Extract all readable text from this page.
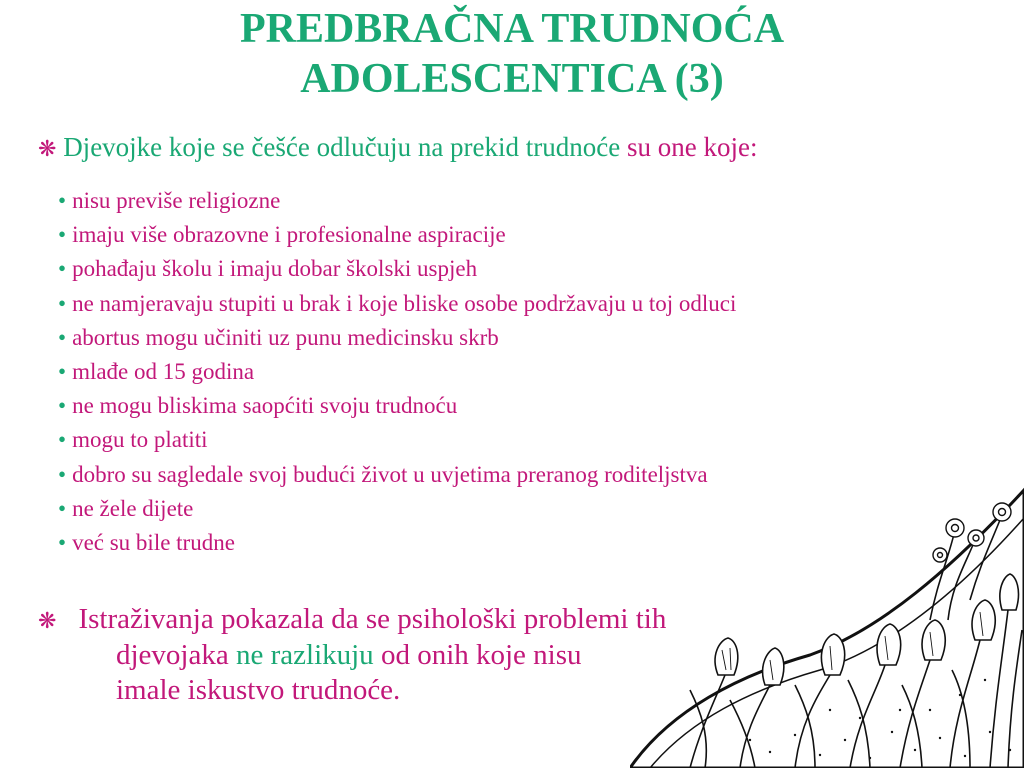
PREDBRAČNA TRUDNOĆA
ADOLESCENTICA (3)
❋ Djevojke koje se češće odlučuju na prekid trudnoće su one koje:
• nisu previše religiozne
• imaju više obrazovne i profesionalne aspiracije
• pohađaju školu i imaju dobar školski uspjeh
• ne namjeravaju stupiti u brak i koje bliske osobe podržavaju u toj odluci
• abortus mogu učiniti uz punu medicinsku skrb
• mlađe od 15 godina
• ne mogu bliskima saopćiti svoju trudnoću
• mogu to platiti
• dobro su sagledale svoj budući život u uvjetima preranog roditeljstva
• ne žele dijete
• već su bile trudne
❋ Istraživanja pokazala da se psihološki problemi tih
djevojaka ne razlikuju od onih koje nisu
imale iskustvo trudnoće.
